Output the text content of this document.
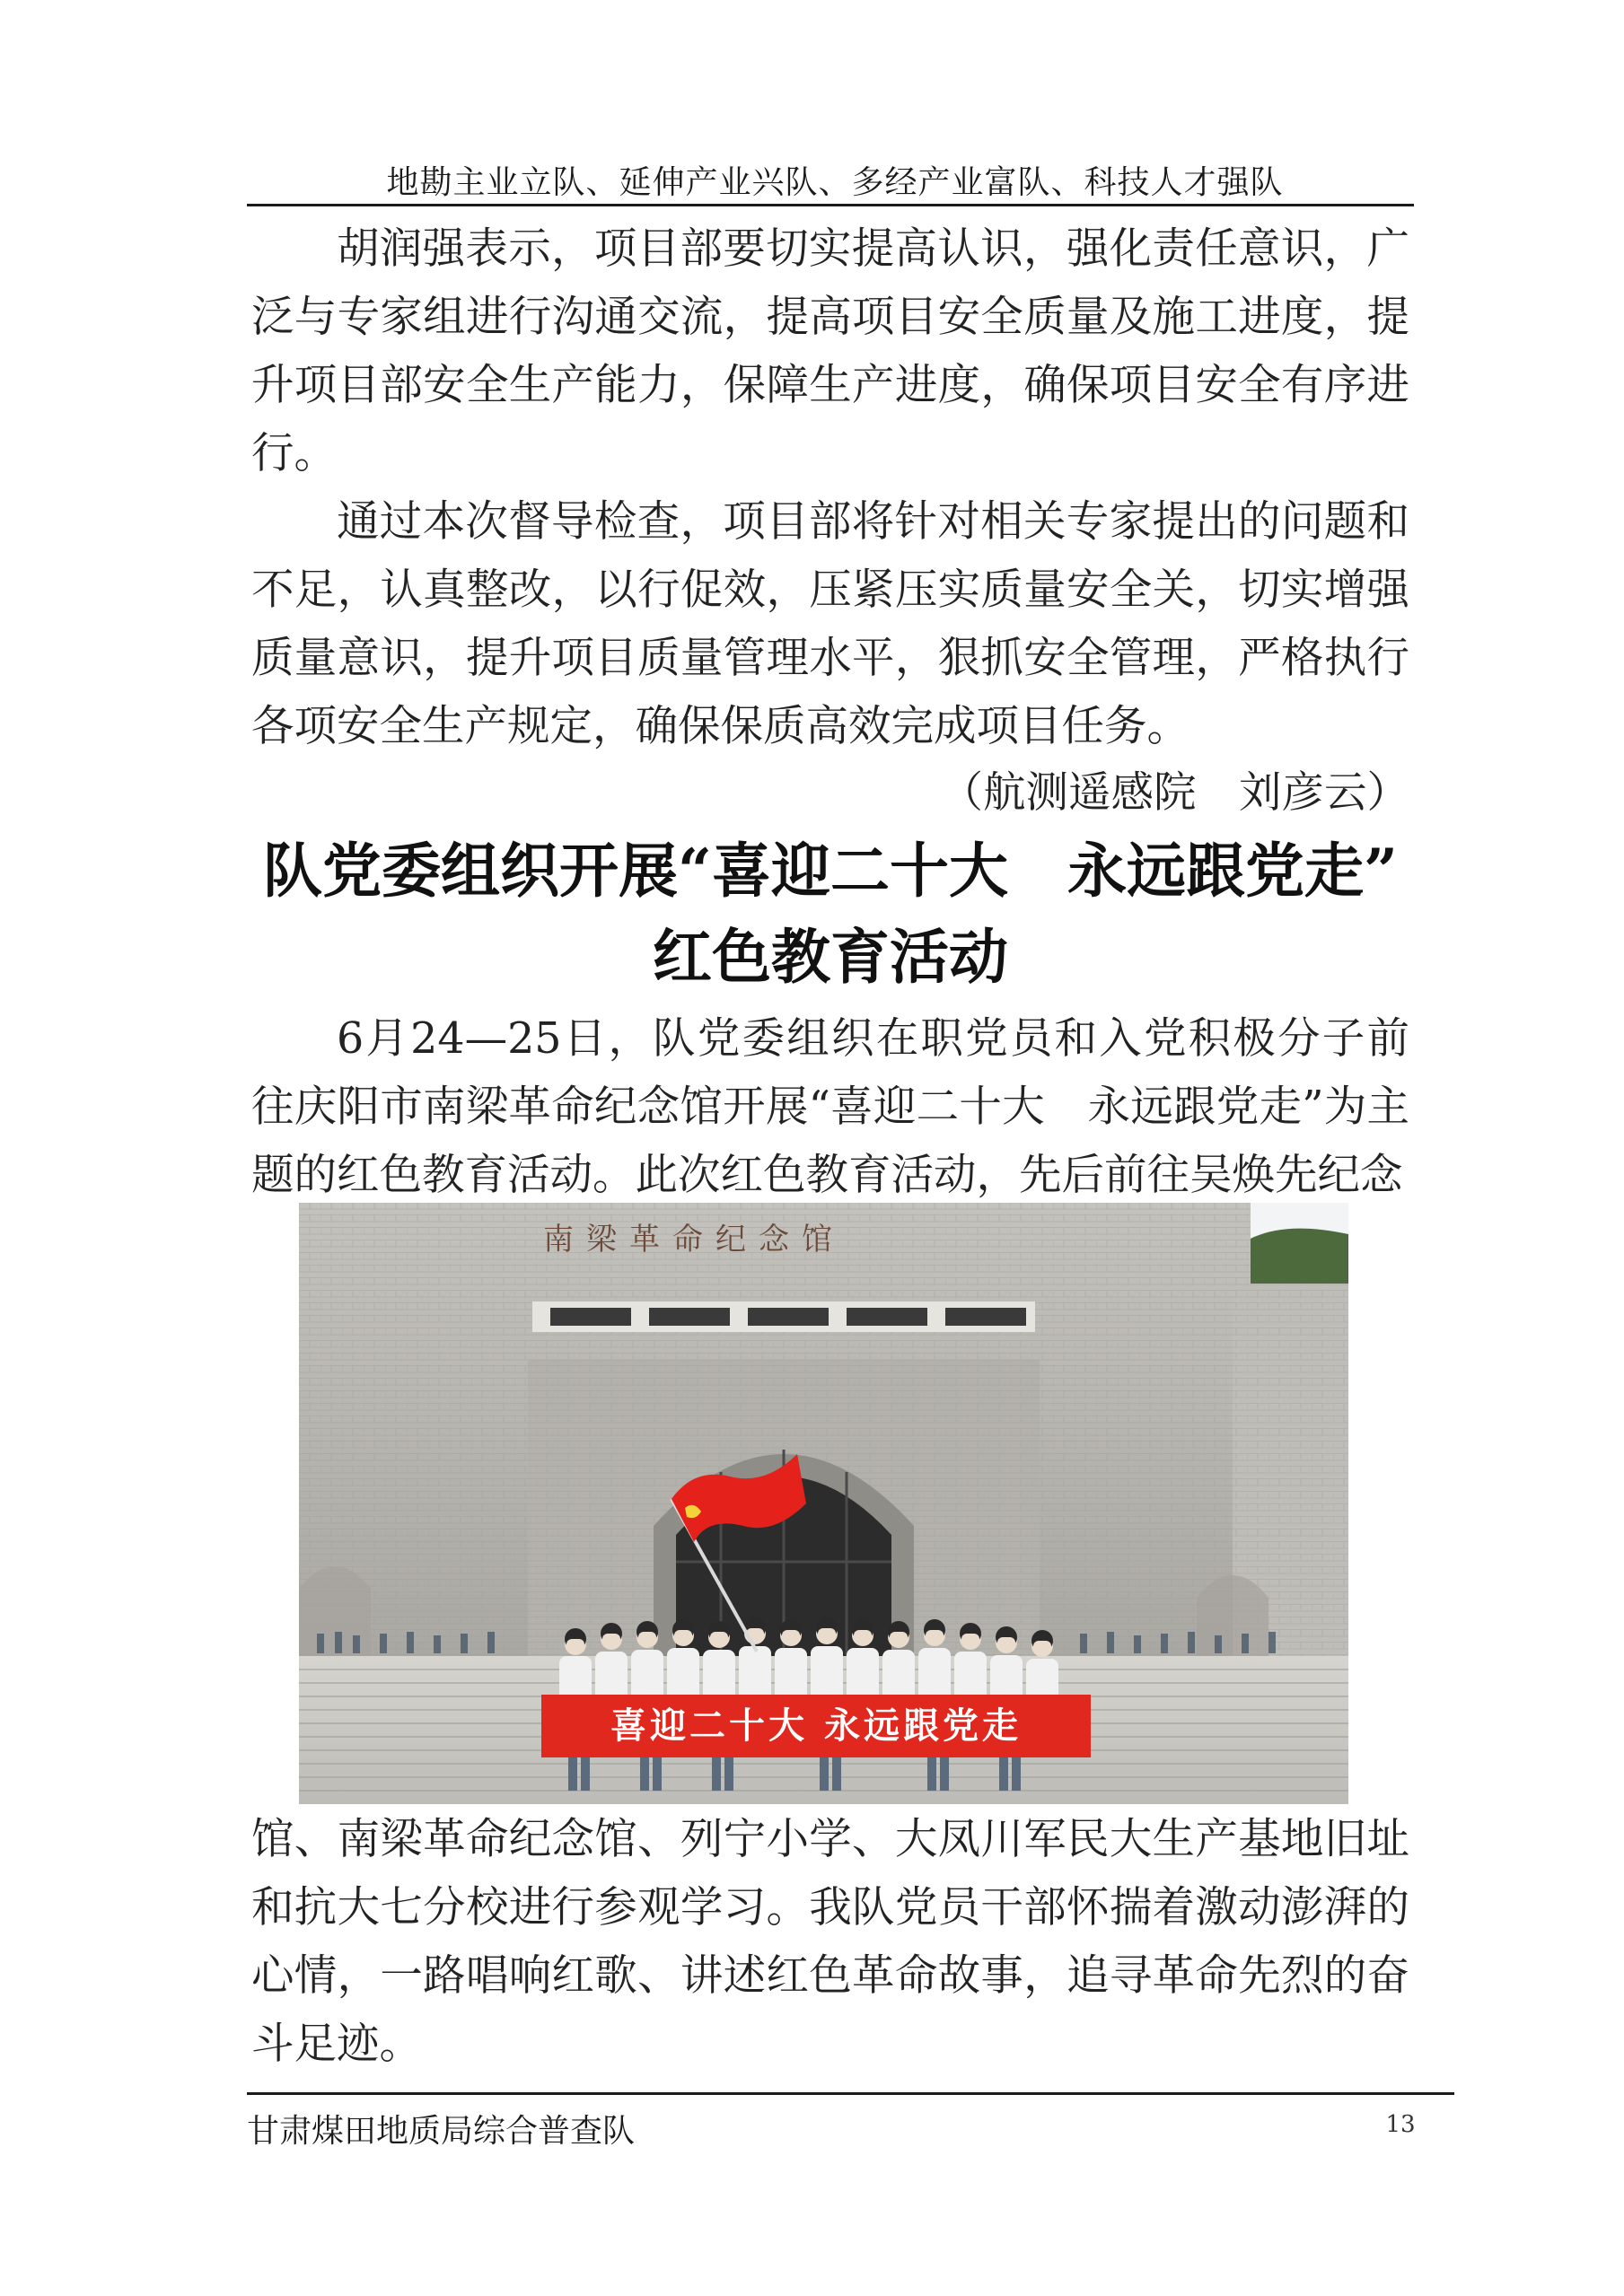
地勘主业立队、延伸产业兴队、多经产业富队、科技人才强队

胡润强表示，项目部要切实提高认识，强化责任意识，广泛与专家组进行沟通交流，提高项目安全质量及施工进度，提升项目部安全生产能力，保障生产进度，确保项目安全有序进行。

通过本次督导检查，项目部将针对相关专家提出的问题和不足，认真整改，以行促效，压紧压实质量安全关，切实增强质量意识，提升项目质量管理水平，狠抓安全管理，严格执行各项安全生产规定，确保保质高效完成项目任务。

（航测遥感院　刘彦云）

队党委组织开展“喜迎二十大　永远跟党走”
红色教育活动

6月24—25日，队党委组织在职党员和入党积极分子前往庆阳市南梁革命纪念馆开展“喜迎二十大　永远跟党走”为主题的红色教育活动。此次红色教育活动，先后前往吴焕先纪念

南梁革命纪念馆
喜迎二十大 永远跟党走

馆、南梁革命纪念馆、列宁小学、大凤川军民大生产基地旧址和抗大七分校进行参观学习。我队党员干部怀揣着激动澎湃的心情，一路唱响红歌、讲述红色革命故事，追寻革命先烈的奋斗足迹。

甘肃煤田地质局综合普查队	13
